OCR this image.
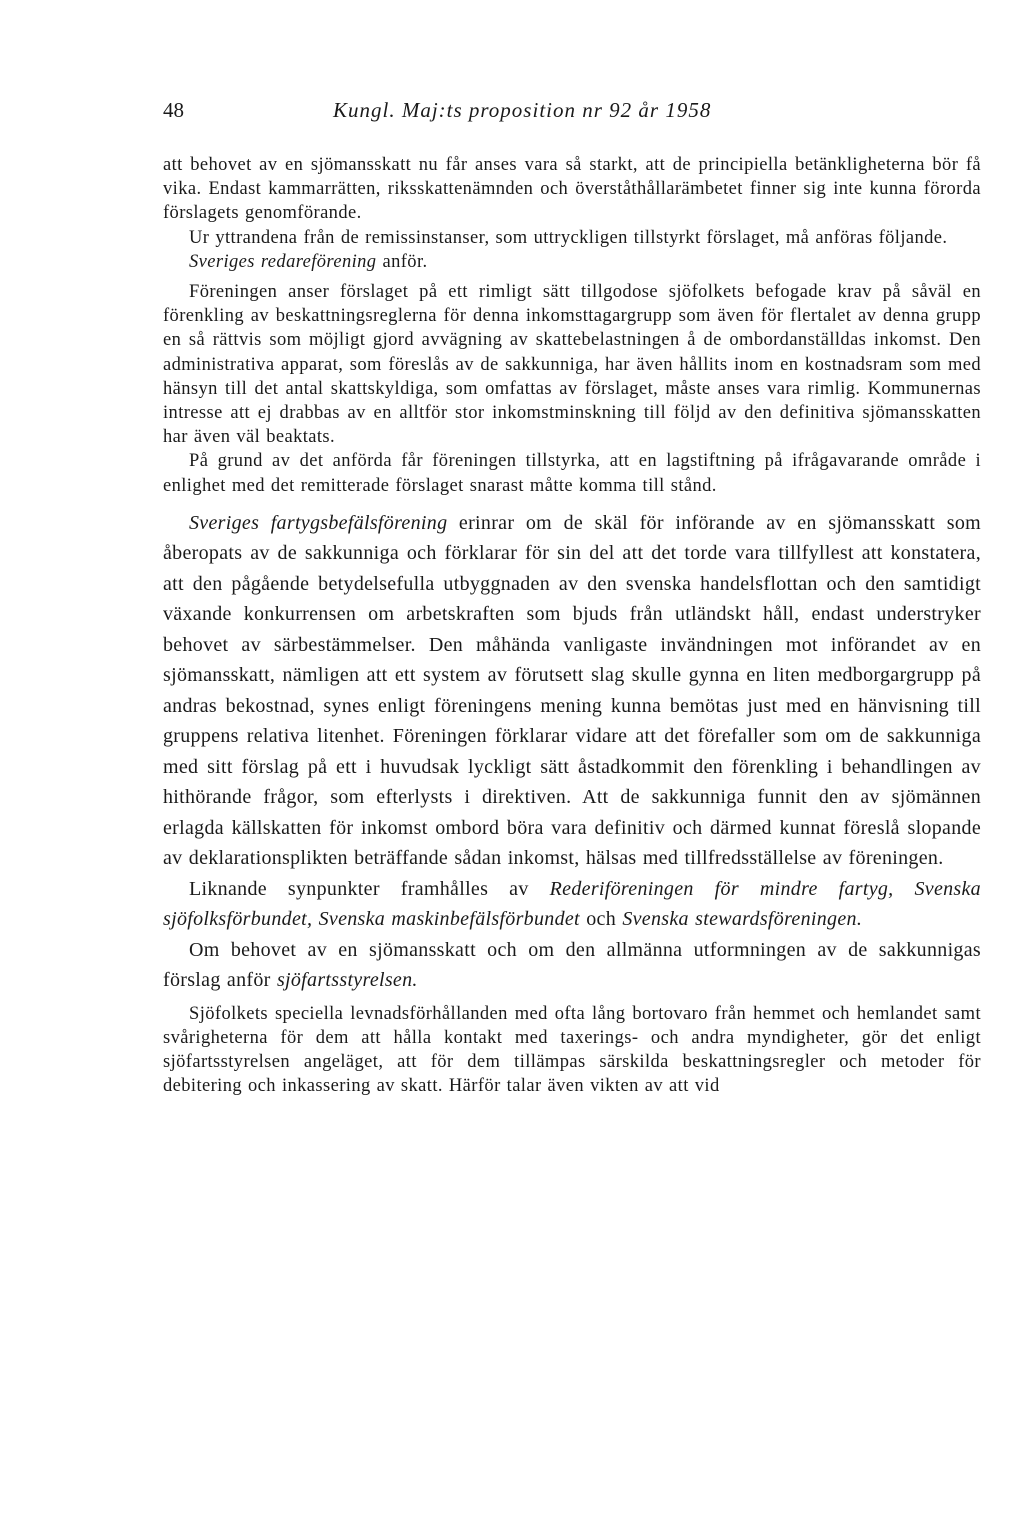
48	Kungl. Maj:ts proposition nr 92 år 1958

att behovet av en sjömansskatt nu får anses vara så starkt, att de principiella betänkligheterna bör få vika. Endast kammarrätten, riksskattenämnden och överståthållarämbetet finner sig inte kunna förorda förslagets genomförande.

Ur yttrandena från de remissinstanser, som uttryckligen tillstyrkt förslaget, må anföras följande.

Sveriges redareförening anför.

Föreningen anser förslaget på ett rimligt sätt tillgodose sjöfolkets befogade krav på såväl en förenkling av beskattningsreglerna för denna inkomsttagargrupp som även för flertalet av denna grupp en så rättvis som möjligt gjord avvägning av skattebelastningen å de ombordanställdas inkomst. Den administrativa apparat, som föreslås av de sakkunniga, har även hållits inom en kostnadsram som med hänsyn till det antal skattskyldiga, som omfattas av förslaget, måste anses vara rimlig. Kommunernas intresse att ej drabbas av en alltför stor inkomstminskning till följd av den definitiva sjömansskatten har även väl beaktats.

På grund av det anförda får föreningen tillstyrka, att en lagstiftning på ifrågavarande område i enlighet med det remitterade förslaget snarast måtte komma till stånd.

Sveriges fartygsbefälsförening erinrar om de skäl för införande av en sjömansskatt som åberopats av de sakkunniga och förklarar för sin del att det torde vara tillfyllest att konstatera, att den pågående betydelsefulla utbyggnaden av den svenska handelsflottan och den samtidigt växande konkurrensen om arbetskraften som bjuds från utländskt håll, endast understryker behovet av särbestämmelser. Den måhända vanligaste invändningen mot införandet av en sjömansskatt, nämligen att ett system av förutsett slag skulle gynna en liten medborgargrupp på andras bekostnad, synes enligt föreningens mening kunna bemötas just med en hänvisning till gruppens relativa litenhet. Föreningen förklarar vidare att det förefaller som om de sakkunniga med sitt förslag på ett i huvudsak lyckligt sätt åstadkommit den förenkling i behandlingen av hithörande frågor, som efterlysts i direktiven. Att de sakkunniga funnit den av sjömännen erlagda källskatten för inkomst ombord böra vara definitiv och därmed kunnat föreslå slopande av deklarationsplikten beträffande sådan inkomst, hälsas med tillfredsställelse av föreningen.

Liknande synpunkter framhålles av Rederiföreningen för mindre fartyg, Svenska sjöfolksförbundet, Svenska maskinbefälsförbundet och Svenska stewardsföreningen.

Om behovet av en sjömansskatt och om den allmänna utformningen av de sakkunnigas förslag anför sjöfartsstyrelsen.

Sjöfolkets speciella levnadsförhållanden med ofta lång bortovaro från hemmet och hemlandet samt svårigheterna för dem att hålla kontakt med taxerings- och andra myndigheter, gör det enligt sjöfartsstyrelsen angeläget, att för dem tillämpas särskilda beskattningsregler och metoder för debitering och inkassering av skatt. Härför talar även vikten av att vid
